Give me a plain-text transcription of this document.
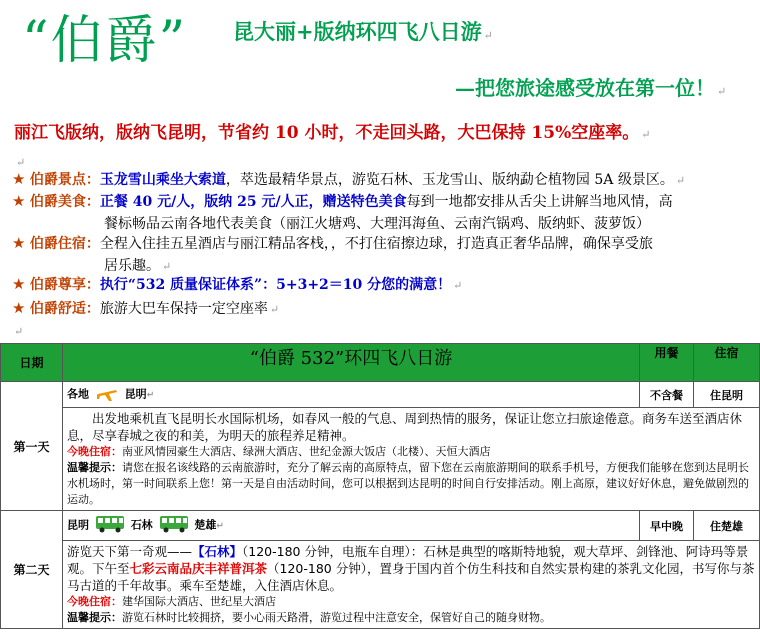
“伯爵” 昆大丽+版纳环四飞八日游 ↵
—把您旅途感受放在第一位！ ↵
丽江飞版纳，版纳飞昆明，节省约 10 小时，不走回头路，大巴保持 15%空座率。 ↵
↵
★ 伯爵景点：玉龙雪山乘坐大索道，萃选最精华景点，游览石林、玉龙雪山、版纳勐仑植物园 5A 级景区。 ↵
★ 伯爵美食：正餐 40 元/人，版纳 25 元/人正，赠送特色美食每到一地都安排从舌尖上讲解当地风情，高
餐标畅品云南各地代表美食（丽江火塘鸡、大理洱海鱼、云南汽锅鸡、版纳虾、菠萝饭）
★ 伯爵住宿：全程入住挂五星酒店与丽江精品客栈，，不打住宿擦边球，打造真正奢华品牌，确保享受旅
居乐趣。 ↵
★ 伯爵尊享：执行“532 质量保证体系”：5+3+2＝10 分您的满意！ ↵
★ 伯爵舒适：旅游大巴车保持一定空座率 ↵
↵
日期	“伯爵 532”环四飞八日游	用餐	住宿
第一天	各地 昆明↵	不含餐	住昆明

	出发地乘机直飞昆明长水国际机场，如春风一般的气息、周到热情的服务，保证让您立扫旅途倦意。商务车送至酒店休息，尽享春城之夜的和美，为明天的旅程养足精神。
今晚住宿：南亚风情园豪生大酒店、绿洲大酒店、世纪金源大饭店（北楼）、天恒大酒店
温馨提示：请您在报名该线路的云南旅游时，充分了解云南的高原特点，留下您在云南旅游期间的联系手机号，方便我们能够在您到达昆明长水机场时，第一时间联系上您！第一天是自由活动时间，您可以根据到达昆明的时间自行安排活动。刚上高原，建议好好休息，避免做剧烈的运动。		

第二天	昆明 石林 楚雄↵	早中晚	住楚雄

	游览天下第一奇观——【石林】（120-180 分钟，电瓶车自理）：石林是典型的喀斯特地貌，观大草坪、剑锋池、阿诗玛等景观。下午至七彩云南品庆丰祥普洱茶（120-180 分钟），置身于国内首个仿生科技和自然实景构建的茶乳文化园，书写你与茶马古道的千年故事。乘车至楚雄，入住酒店休息。
今晚住宿：建华国际大酒店、世纪星大酒店
温馨提示：游览石林时比较拥挤，要小心雨天路滑，游览过程中注意安全，保管好自己的随身财物。		
